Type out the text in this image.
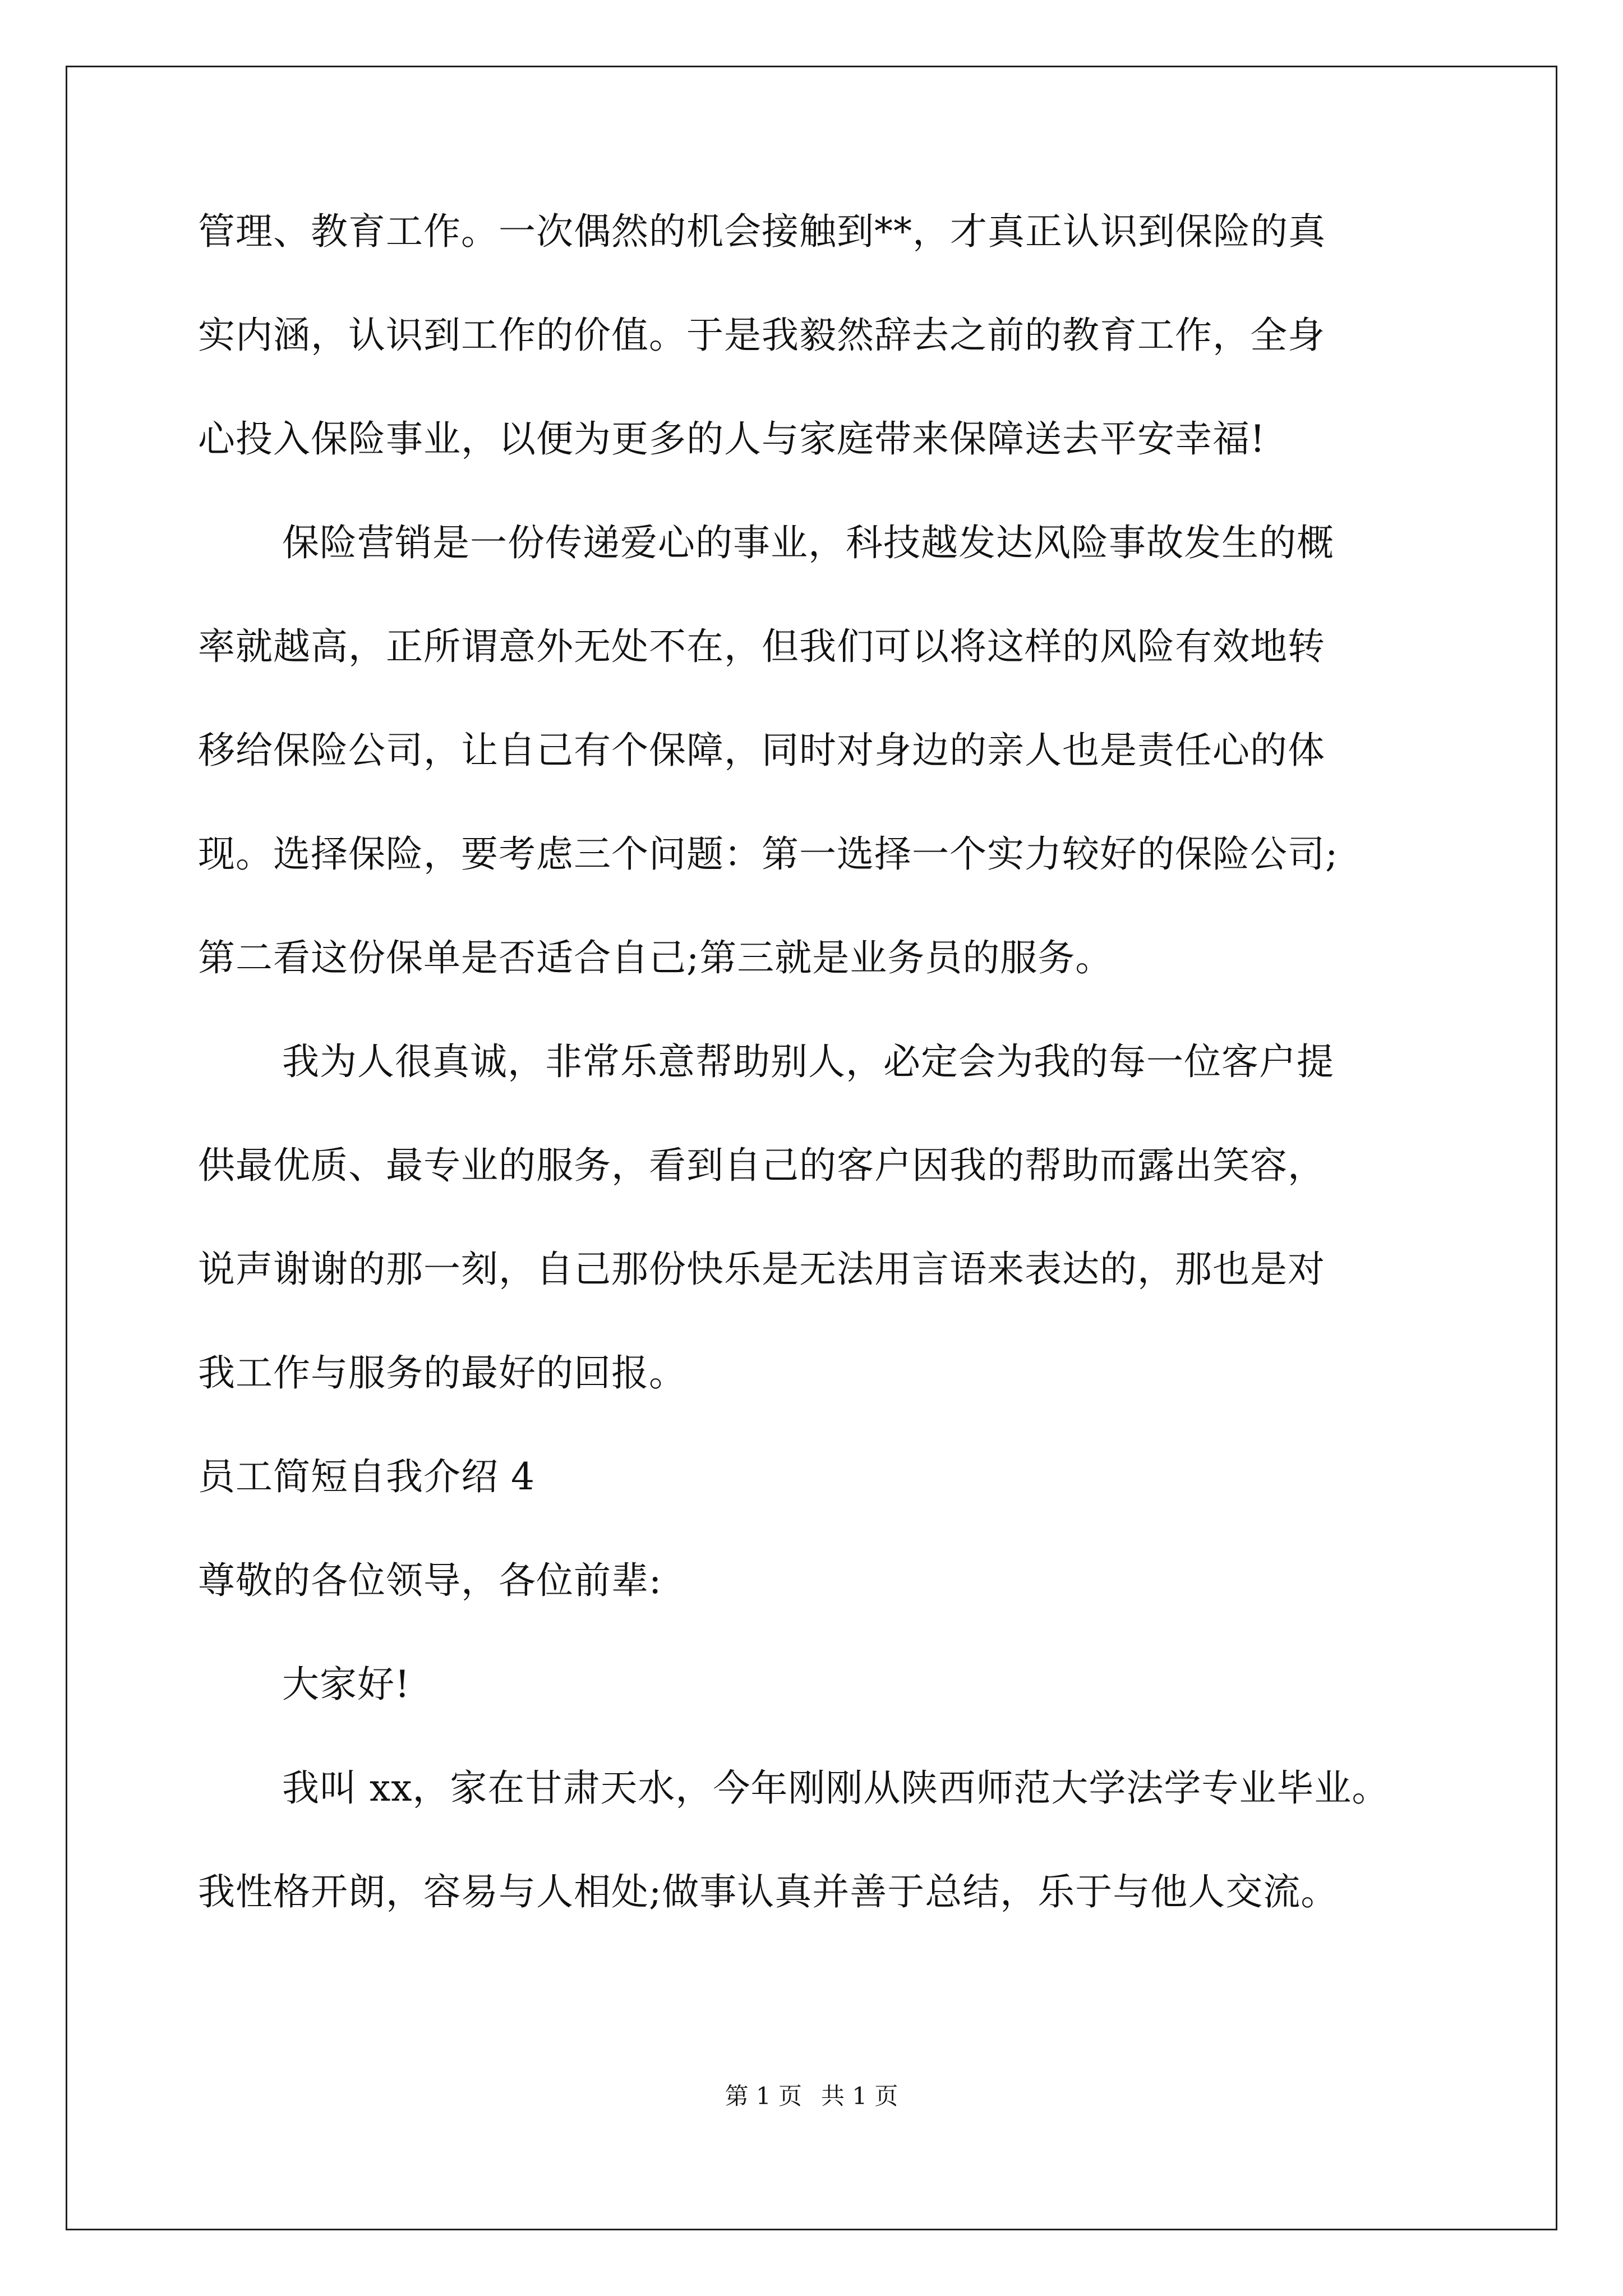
管理、教育工作。一次偶然的机会接触到**，才真正认识到保险的真
实内涵，认识到工作的价值。于是我毅然辞去之前的教育工作，全身
心投入保险事业，以便为更多的人与家庭带来保障送去平安幸福!
保险营销是一份传递爱心的事业，科技越发达风险事故发生的概
率就越高，正所谓意外无处不在，但我们可以将这样的风险有效地转
移给保险公司，让自己有个保障，同时对身边的亲人也是责任心的体
现。选择保险，要考虑三个问题：第一选择一个实力较好的保险公司;
第二看这份保单是否适合自己;第三就是业务员的服务。
我为人很真诚，非常乐意帮助别人，必定会为我的每一位客户提
供最优质、最专业的服务，看到自己的客户因我的帮助而露出笑容，
说声谢谢的那一刻，自己那份快乐是无法用言语来表达的，那也是对
我工作与服务的最好的回报。
员工简短自我介绍 4
尊敬的各位领导，各位前辈:
大家好!
我叫 xx，家在甘肃天水，今年刚刚从陕西师范大学法学专业毕业。
我性格开朗，容易与人相处;做事认真并善于总结，乐于与他人交流。
第 1 页 共 1 页
